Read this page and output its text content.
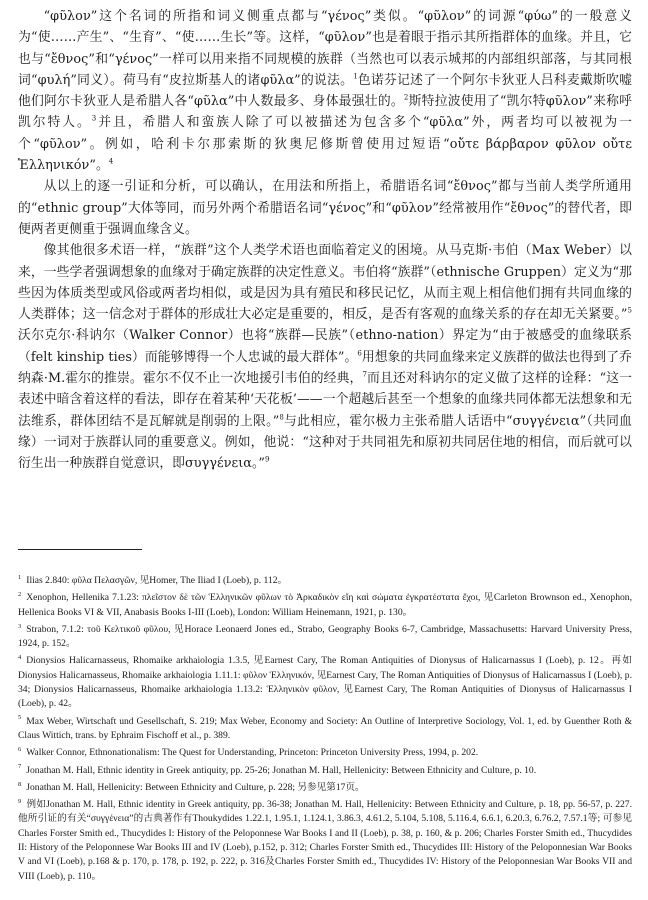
“φῦλον”这个名词的所指和词义侧重点都与“γένος”类似。“φῦλον”的词源“φύω”的一般意义为“使……产生”、“生育”、“使……生长”等。这样，“φῦλον”也是着眼于指示其所指群体的血缘。并且，它也与“ἔθνος”和“γένος”一样可以用来指不同规模的族群（当然也可以表示城邦的内部组织部落，与其同根词“φυλή”同义）。荷马有“皮拉斯基人的诸φῦλα”的说法。$^1$色诺芬记述了一个阿尔卡狄亚人吕科麦戴斯吹嘘他们阿尔卡狄亚人是希腊人各“φῦλα”中人数最多、身体最强壮的。$^2$斯特拉波使用了“凯尔特φῦλον”来称呼凯尔特人。$^3$并且，希腊人和蛮族人除了可以被描述为包含多个“φῦλα”外，两者均可以被视为一个“φῦλον”。例如，哈利卡尔那索斯的狄奥尼修斯曾使用过短语“οὔτε βάρβαρον φῦλον οὔτε Ἑλληνικόν”。$^4$

从以上的逐一引证和分析，可以确认，在用法和所指上，希腊语名词“ἔθνος”都与当前人类学所通用的“ethnic group”大体等同，而另外两个希腊语名词“γένος”和“φῦλον”经常被用作“ἔθνος”的替代者，即便两者更侧重于强调血缘含义。

像其他很多术语一样，“族群”这个人类学术语也面临着定义的困境。从马克斯·韦伯（Max Weber）以来，一些学者强调想象的血缘对于确定族群的决定性意义。韦伯将“族群”（ethnische Gruppen）定义为“那些因为体质类型或风俗或两者均相似，或是因为具有殖民和移民记忆，从而主观上相信他们拥有共同血缘的人类群体；这一信念对于群体的形成壮大必定是重要的，相反，是否有客观的血缘关系的存在却无关紧要。”$^5$沃尔克尔·科讷尔（Walker Connor）也将“族群—民族”（ethno-nation）界定为“由于被感受的血缘联系（felt kinship ties）而能够博得一个人忠诚的最大群体”。$^6$用想象的共同血缘来定义族群的做法也得到了乔纳森·M.霍尔的推崇。霍尔不仅不止一次地援引韦伯的经典，$^7$而且还对科讷尔的定义做了这样的诠释：“这一表述中暗含着这样的看法，即存在着某种‘天花板’——一个超越后甚至一个想象的血缘共同体都无法想象和无法维系，群体团结不是瓦解就是削弱的上限。”$^8$与此相应，霍尔极力主张希腊人话语中“συγγένεια”（共同血缘）一词对于族群认同的重要意义。例如，他说：“这种对于共同祖先和原初共同居住地的相信，而后就可以衍生出一种族群自觉意识，即συγγένεια。”$^9$

$^1$ Ilias 2.840: φῦλα Πελασγῶν, 见Homer, The Iliad I (Loeb), p. 112。

$^2$ Xenophon, Hellenika 7.1.23: πλεῖστον δὲ τῶν Ἑλληνικῶν φῦλων τὸ Ἀρκαδικὸν εἴη καὶ σώματα ἐγκρατέστατα ἔχοι, 见Carleton Brownson ed., Xenophon, Hellenica Books VI & VII, Anabasis Books I-III (Loeb), London: William Heinemann, 1921, p. 130。

$^3$ Strabon, 7.1.2: τοῦ Κελτικοῦ φῦλου, 见Horace Leonaerd Jones ed., Strabo, Geography Books 6-7, Cambridge, Massachusetts: Harvard University Press, 1924, p. 152。

$^4$ Dionysios Halicarnasseus, Rhomaike arkhaiologia 1.3.5, 见Earnest Cary, The Roman Antiquities of Dionysus of Halicarnassus I (Loeb), p. 12。再如Dionysios Halicarnasseus, Rhomaike arkhaiologia 1.11.1: φῦλον Ἑλληνικόν, 见Earnest Cary, The Roman Antiquities of Dionysus of Halicarnassus I (Loeb), p. 34; Dionysios Halicarnasseus, Rhomaike arkhaiologia 1.13.2: Ἑλληνικὸν φῦλον, 见Earnest Cary, The Roman Antiquities of Dionysus of Halicarnassus I (Loeb), p. 42。

$^5$ Max Weber, Wirtschaft und Gesellschaft, S. 219; Max Weber, Economy and Society: An Outline of Interpretive Sociology, Vol. 1, ed. by Guenther Roth & Claus Wittich, trans. by Ephraim Fischoff et al., p. 389.

$^6$ Walker Connor, Ethnonationalism: The Quest for Understanding, Princeton: Princeton University Press, 1994, p. 202.

$^7$ Jonathan M. Hall, Ethnic identity in Greek antiquity, pp. 25-26; Jonathan M. Hall, Hellenicity: Between Ethnicity and Culture, p. 10.

$^8$ Jonathan M. Hall, Hellenicity: Between Ethnicity and Culture, p. 228; 另参见第17页。

$^9$ 例如Jonathan M. Hall, Ethnic identity in Greek antiquity, pp. 36-38; Jonathan M. Hall, Hellenicity: Between Ethnicity and Culture, p. 18, pp. 56-57, p. 227. 他所引证的有关“συγγένεια”的古典著作有Thoukydides 1.22.1, 1.95.1, 1.124.1, 3.86.3, 4.61.2, 5.104, 5.108, 5.116.4, 6.6.1, 6.20.3, 6.76.2, 7.57.1等; 可参见Charles Forster Smith ed., Thucydides I: History of the Peloponnese War Books I and II (Loeb), p. 38, p. 160, & p. 206; Charles Forster Smith ed., Thucydides II: History of the Peloponnese War Books III and IV (Loeb), p.152, p. 312; Charles Forster Smith ed., Thucydides III: History of the Peloponnesian War Books V and VI (Loeb), p.168 & p. 170, p. 178, p. 192, p. 222, p. 316及Charles Forster Smith ed., Thucydides IV: History of the Peloponnesian War Books VII and VIII (Loeb), p. 110。
